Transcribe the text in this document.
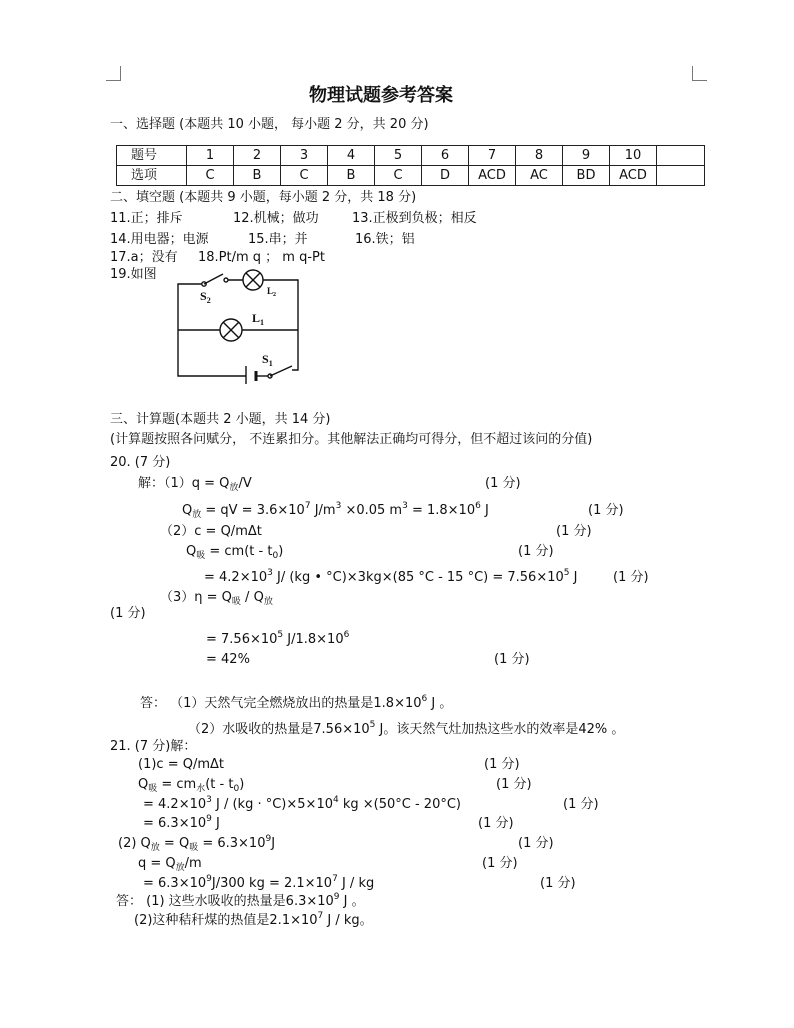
物理试题参考答案
一、选择题 (本题共 10 小题， 每小题 2 分，共 20 分)
题号	1	2	3	4	5	6	7	8	9	10	
选项	C	B	C	B	C	D	ACD	AC	BD	ACD	
二、填空题 (本题共 9 小题，每小题 2 分，共 18 分)
11.正；排斥	12.机械；做功	13.正极到负极；相反
14.用电器；电源	15.串；并	16.铁；铝
17.a；没有 18.Pt/m q ； m q-Pt
19.如图
$S_2$
$L_2$
$L_1$
$S_1$
三、计算题(本题共 2 小题，共 14 分)
(计算题按照各问赋分， 不连累扣分。其他解法正确均可得分，但不超过该问的分值)
20. (7 分)
解：$(1)q = Q_放/V$	(1 分)
$Q_放$ = qV = $3.6\times 10^7$ $J/m^3 \times 0.05$ $m^3 = 1.8\times 10^6$ J	(1 分)
（2）c = Q/mΔt	(1 分)
$Q_吸 = cm(t - t_0)$	(1 分)
= $4.2\times 10^3$ J/ (kg • °C)×3kg×(85 °C - 15 $^\circ C) = 7.56\times 10^5$ J	(1 分)
$(3)\eta = Q_吸 / Q_放$
(1 分)
= $7.56\times 10^5$ $J/1.8\times 10^6$
= 42%	(1 分)
答： （1）天然气完全燃烧放出的热量是$1.8\times 10^6$ J 。
（2）水吸收的热量是$7.56\times 10^5$ J。该天然气灶加热这些水的效率是42% 。
21. (7 分)解：
(1)c = Q/mΔt	(1 分)
$Q_吸 = cm_水(t - t_0)$	(1 分)
= $4.2\times 10^3$ $J / (kg \cdot ^\circ C)\times 5\times 10^4$ kg ×(50°C - 20°C)	(1 分)
= $6.3\times 10^9$ J	(1 分)
(2) $Q_放 = Q_吸 = 6.3\times 10^9J$	(1 分)
$q = Q_放/m$	(1 分)
= $6.3\times 10^9J/300$ kg = $2.1\times 10^7$ J / kg	(1 分)
答： (1) 这些水吸收的热量是$6.3\times 10^9$ J 。
(2)这种秸秆煤的热值是$2.1\times 10^7$ J / kg。
